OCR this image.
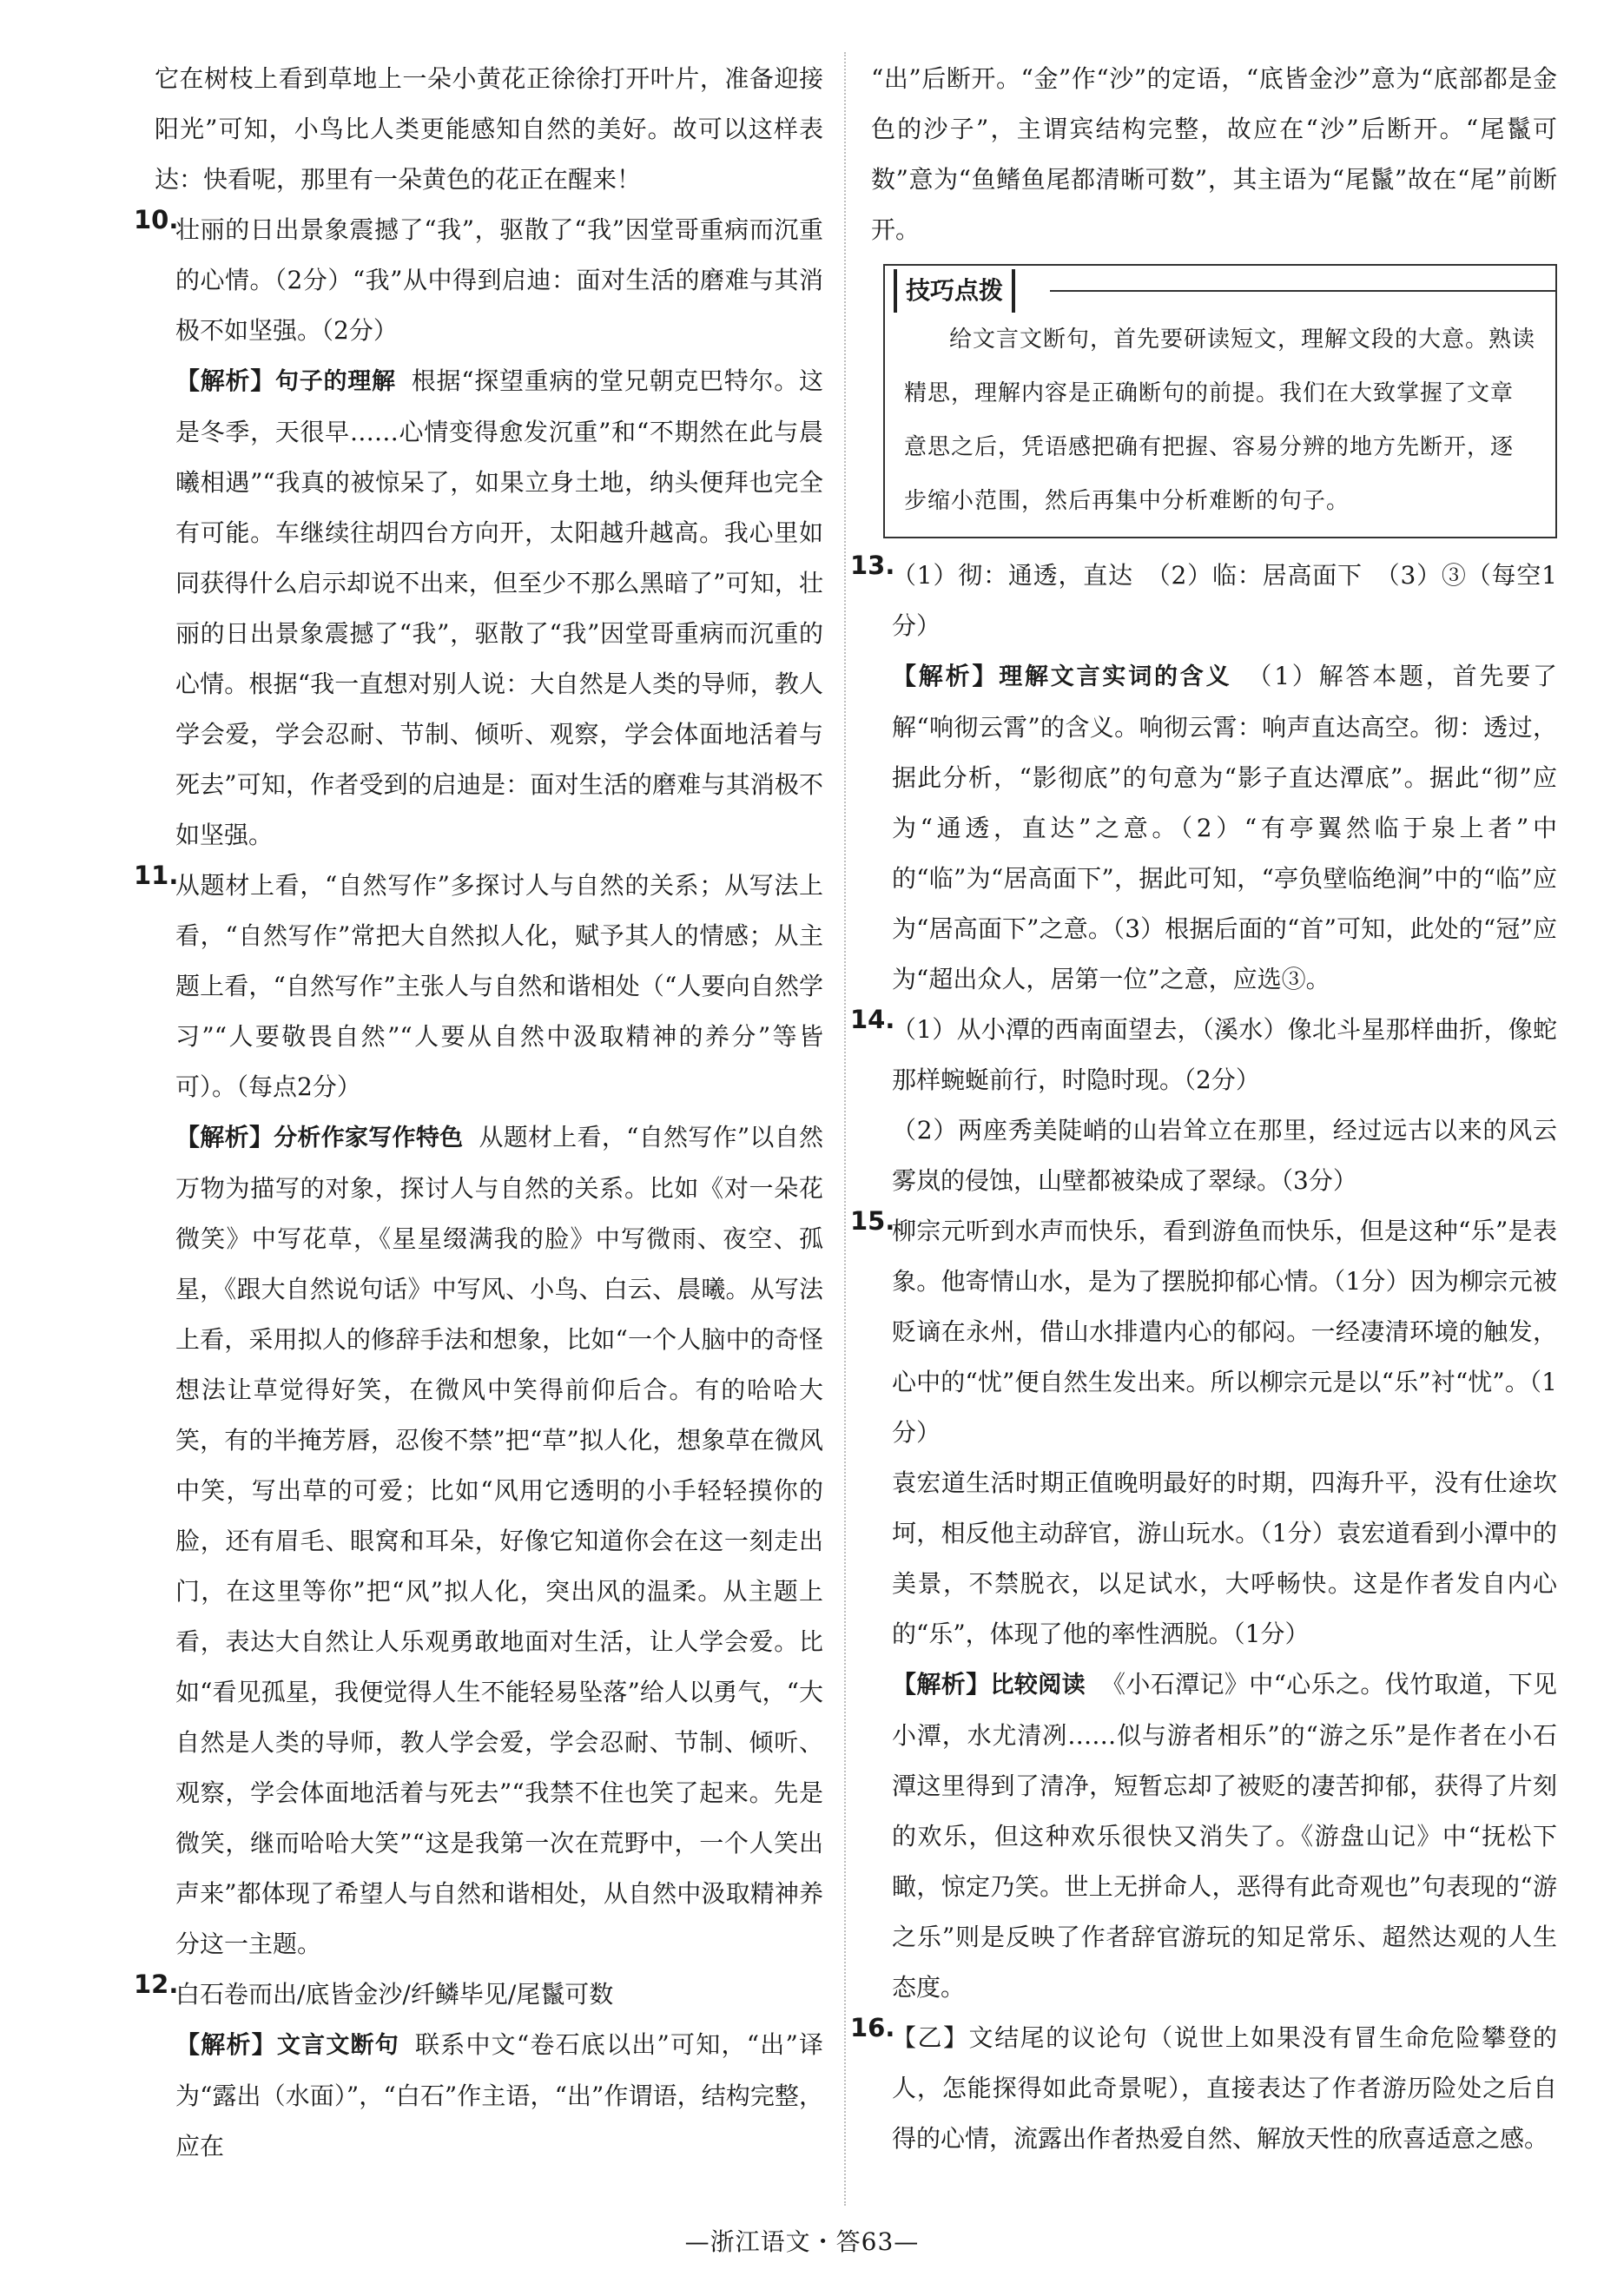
它在树枝上看到草地上一朵小黄花正徐徐打开叶片，准备迎接阳光”可知，小鸟比人类更能感知自然的美好。故可以这样表达：快看呢，那里有一朵黄色的花正在醒来！

10.

壮丽的日出景象震撼了“我”，驱散了“我”因堂哥重病而沉重的心情。（2分）“我”从中得到启迪：面对生活的磨难与其消极不如坚强。（2分）

【解析】句子的理解 根据“探望重病的堂兄朝克巴特尔。这是冬季，天很早……心情变得愈发沉重”和“不期然在此与晨曦相遇”“我真的被惊呆了，如果立身土地，纳头便拜也完全有可能。车继续往胡四台方向开，太阳越升越高。我心里如同获得什么启示却说不出来，但至少不那么黑暗了”可知，壮丽的日出景象震撼了“我”，驱散了“我”因堂哥重病而沉重的心情。根据“我一直想对别人说：大自然是人类的导师，教人学会爱，学会忍耐、节制、倾听、观察，学会体面地活着与死去”可知，作者受到的启迪是：面对生活的磨难与其消极不如坚强。

11.

从题材上看，“自然写作”多探讨人与自然的关系；从写法上看，“自然写作”常把大自然拟人化，赋予其人的情感；从主题上看，“自然写作”主张人与自然和谐相处（“人要向自然学习”“人要敬畏自然”“人要从自然中汲取精神的养分”等皆可）。（每点2分）

【解析】分析作家写作特色 从题材上看，“自然写作”以自然万物为描写的对象，探讨人与自然的关系。比如《对一朵花微笑》中写花草，《星星缀满我的脸》中写微雨、夜空、孤星，《跟大自然说句话》中写风、小鸟、白云、晨曦。从写法上看，采用拟人的修辞手法和想象，比如“一个人脑中的奇怪想法让草觉得好笑，在微风中笑得前仰后合。有的哈哈大笑，有的半掩芳唇，忍俊不禁”把“草”拟人化，想象草在微风中笑，写出草的可爱；比如“风用它透明的小手轻轻摸你的脸，还有眉毛、眼窝和耳朵，好像它知道你会在这一刻走出门，在这里等你”把“风”拟人化，突出风的温柔。从主题上看，表达大自然让人乐观勇敢地面对生活，让人学会爱。比如“看见孤星，我便觉得人生不能轻易坠落”给人以勇气，“大自然是人类的导师，教人学会爱，学会忍耐、节制、倾听、观察，学会体面地活着与死去”“我禁不住也笑了起来。先是微笑，继而哈哈大笑”“这是我第一次在荒野中，一个人笑出声来”都体现了希望人与自然和谐相处，从自然中汲取精神养分这一主题。

12.

白石卷而出/底皆金沙/纤鳞毕见/尾鬣可数

【解析】文言文断句 联系中文“卷石底以出”可知，“出”译为“露出（水面）”，“白石”作主语，“出”作谓语，结构完整，应在

“出”后断开。“金”作“沙”的定语，“底皆金沙”意为“底部都是金色的沙子”，主谓宾结构完整，故应在“沙”后断开。“尾鬣可数”意为“鱼鳍鱼尾都清晰可数”，其主语为“尾鬣”故在“尾”前断开。

技巧点拨

给文言文断句，首先要研读短文，理解文段的大意。熟读精思，理解内容是正确断句的前提。我们在大致掌握了文章意思之后，凭语感把确有把握、容易分辨的地方先断开，逐步缩小范围，然后再集中分析难断的句子。

13.

（1）彻：通透，直达　（2）临：居高面下　（3）③（每空1分）

【解析】理解文言实词的含义 （1）解答本题，首先要了解“响彻云霄”的含义。响彻云霄：响声直达高空。彻：透过，据此分析，“影彻底”的句意为“影子直达潭底”。据此“彻”应为“通透，直达”之意。（2）“有亭翼然临于泉上者”中的“临”为“居高面下”，据此可知，“亭负壁临绝涧”中的“临”应为“居高面下”之意。（3）根据后面的“首”可知，此处的“冠”应为“超出众人，居第一位”之意，应选③。

14.

（1）从小潭的西南面望去，（溪水）像北斗星那样曲折，像蛇那样蜿蜒前行，时隐时现。（2分）

（2）两座秀美陡峭的山岩耸立在那里，经过远古以来的风云雾岚的侵蚀，山壁都被染成了翠绿。（3分）

15.

柳宗元听到水声而快乐，看到游鱼而快乐，但是这种“乐”是表象。他寄情山水，是为了摆脱抑郁心情。（1分）因为柳宗元被贬谪在永州，借山水排遣内心的郁闷。一经凄清环境的触发，心中的“忧”便自然生发出来。所以柳宗元是以“乐”衬“忧”。（1分）

袁宏道生活时期正值晚明最好的时期，四海升平，没有仕途坎坷，相反他主动辞官，游山玩水。（1分）袁宏道看到小潭中的美景，不禁脱衣，以足试水，大呼畅快。这是作者发自内心的“乐”，体现了他的率性洒脱。（1分）

【解析】比较阅读 《小石潭记》中“心乐之。伐竹取道，下见小潭，水尤清冽……似与游者相乐”的“游之乐”是作者在小石潭这里得到了清净，短暂忘却了被贬的凄苦抑郁，获得了片刻的欢乐，但这种欢乐很快又消失了。《游盘山记》中“抚松下瞰，惊定乃笑。世上无拼命人，恶得有此奇观也”句表现的“游之乐”则是反映了作者辞官游玩的知足常乐、超然达观的人生态度。

16.

【乙】文结尾的议论句（说世上如果没有冒生命危险攀登的人，怎能探得如此奇景呢），直接表达了作者游历险处之后自得的心情，流露出作者热爱自然、解放天性的欣喜适意之感。

—浙江语文・答63—
